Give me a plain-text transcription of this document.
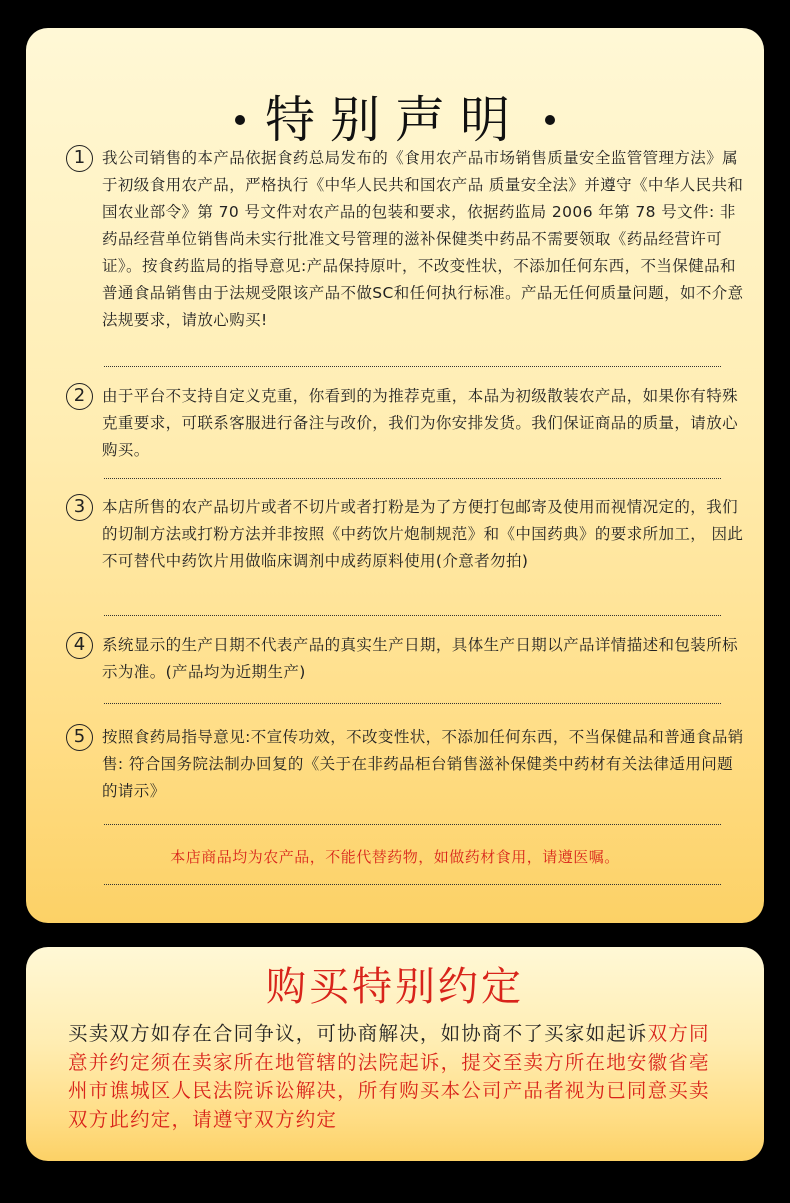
特别声明
1	我公司销售的本产品依据食药总局发布的《食用农产品市场销售质量安全监管管理方法》属于初级食用农产品，严格执行《中华人民共和国农产品 质量安全法》并遵守《中华人民共和国农业部令》第 70 号文件对农产品的包装和要求，依据药监局 2006 年第 78 号文件: 非药品经营单位销售尚未实行批准文号管理的滋补保健类中药品不需要领取《药品经营许可证》。按食药监局的指导意见:产品保持原叶，不改变性状，不添加任何东西，不当保健品和普通食品销售由于法规受限该产品不做SC和任何执行标准。产品无任何质量问题，如不介意法规要求，请放心购买!
2	由于平台不支持自定义克重，你看到的为推荐克重，本品为初级散装农产品，如果你有特殊克重要求，可联系客服进行备注与改价，我们为你安排发货。我们保证商品的质量，请放心购买。
3	本店所售的农产品切片或者不切片或者打粉是为了方便打包邮寄及使用而视情况定的，我们的切制方法或打粉方法并非按照《中药饮片炮制规范》和《中国药典》的要求所加工， 因此不可替代中药饮片用做临床调剂中成药原料使用(介意者勿拍)
4	系统显示的生产日期不代表产品的真实生产日期，具体生产日期以产品详情描述和包装所标示为准。(产品均为近期生产)
5	按照食药局指导意见:不宣传功效，不改变性状，不添加任何东西，不当保健品和普通食品销售: 符合国务院法制办回复的《关于在非药品柜台销售滋补保健类中药材有关法律适用问题的请示》
本店商品均为农产品，不能代替药物，如做药材食用，请遵医嘱。
购买特别约定
买卖双方如存在合同争议，可协商解决，如协商不了买家如起诉双方同意并约定须在卖家所在地管辖的法院起诉，提交至卖方所在地安徽省亳州市谯城区人民法院诉讼解决，所有购买本公司产品者视为已同意买卖双方此约定，请遵守双方约定
